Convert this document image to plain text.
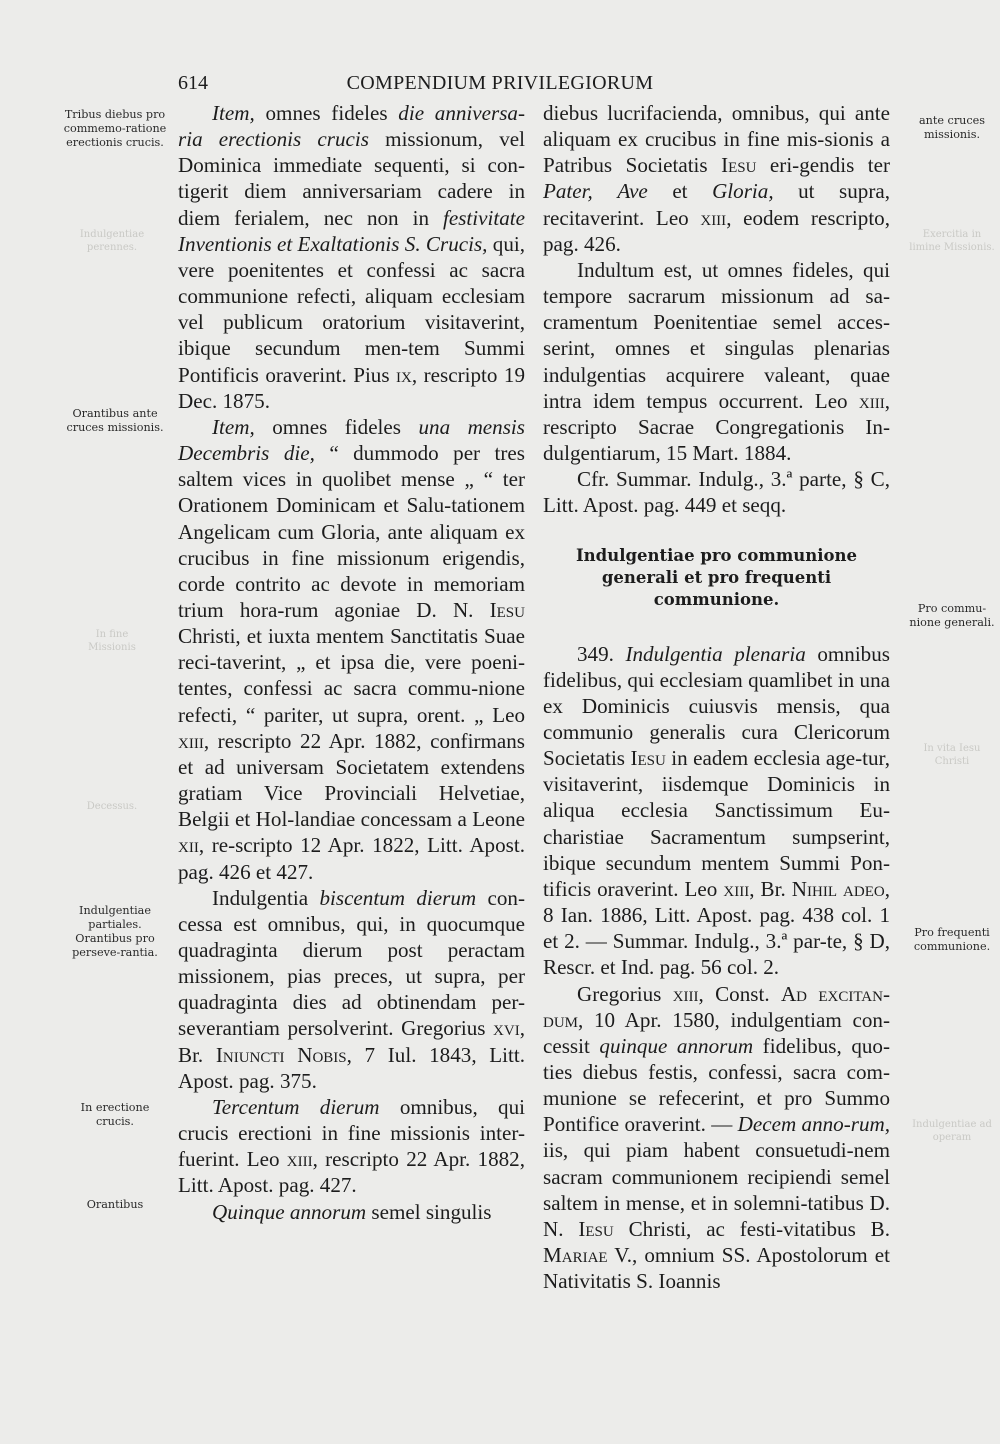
COMPENDIUM PRIVILEGIORUM
614
Indulgentiae perennes.
In fine Missionis
Exercitia in limine Missionis.
In vita Iesu Christi
Decessus.
Indulgentiae ad operam
Tribus diebus pro commemo-ratione erectionis crucis.
Orantibus ante cruces missionis.
Indulgentiae partiales. Orantibus pro perseve-rantia.
In erectione crucis.
Orantibus
ante cruces missionis.
Pro commu-nione generali.
Pro frequenti communione.

Item, omnes fideles die anniversa-ria erectionis crucis missionum, vel Dominica immediate sequenti, si con-tigerit diem anniversariam cadere in diem ferialem, nec non in festivitate Inventionis et Exaltationis S. Crucis, qui, vere poenitentes et confessi ac sacra communione refecti, aliquam ecclesiam vel publicum oratorium visitaverint, ibique secundum men-tem Summi Pontificis oraverint. Pius ix, rescripto 19 Dec. 1875.

Item, omnes fideles una mensis Decembris die, “ dummodo per tres saltem vices in quolibet mense „ “ ter Orationem Dominicam et Salu-tationem Angelicam cum Gloria, ante aliquam ex crucibus in fine missionum erigendis, corde contrito ac devote in memoriam trium hora-rum agoniae D. N. Iesu Christi, et iuxta mentem Sanctitatis Suae reci-taverint, „ et ipsa die, vere poeni-tentes, confessi ac sacra commu-nione refecti, “ pariter, ut supra, orent. „ Leo xiii, rescripto 22 Apr. 1882, confirmans et ad universam Societatem extendens gratiam Vice Provinciali Helvetiae, Belgii et Hol-landiae concessam a Leone xii, re-scripto 12 Apr. 1822, Litt. Apost. pag. 426 et 427.

Indulgentia biscentum dierum con-cessa est omnibus, qui, in quocumque quadraginta dierum post peractam missionem, pias preces, ut supra, per quadraginta dies ad obtinendam per-severantiam persolverint. Gregorius xvi, Br. Iniuncti Nobis, 7 Iul. 1843, Litt. Apost. pag. 375.

Tercentum dierum omnibus, qui crucis erectioni in fine missionis inter-fuerint. Leo xiii, rescripto 22 Apr. 1882, Litt. Apost. pag. 427.

Quinque annorum semel singulis

diebus lucrifacienda, omnibus, qui ante aliquam ex crucibus in fine mis-sionis a Patribus Societatis Iesu eri-gendis ter Pater, Ave et Gloria, ut supra, recitaverint. Leo xiii, eodem rescripto, pag. 426.

Indultum est, ut omnes fideles, qui tempore sacrarum missionum ad sa-cramentum Poenitentiae semel acces-serint, omnes et singulas plenarias indulgentias acquirere valeant, quae intra idem tempus occurrent. Leo xiii, rescripto Sacrae Congregationis In-dulgentiarum, 15 Mart. 1884.

Cfr. Summar. Indulg., 3.ª parte, § C, Litt. Apost. pag. 449 et seqq.

Indulgentiae pro communione generali et pro frequenti communione.

349. Indulgentia plenaria omnibus fidelibus, qui ecclesiam quamlibet in una ex Dominicis cuiusvis mensis, qua communio generalis cura Clericorum Societatis Iesu in eadem ecclesia age-tur, visitaverint, iisdemque Dominicis in aliqua ecclesia Sanctissimum Eu-charistiae Sacramentum sumpserint, ibique secundum mentem Summi Pon-tificis oraverint. Leo xiii, Br. Nihil adeo, 8 Ian. 1886, Litt. Apost. pag. 438 col. 1 et 2. — Summar. Indulg., 3.ª par-te, § D, Rescr. et Ind. pag. 56 col. 2.

Gregorius xiii, Const. Ad excitan-dum, 10 Apr. 1580, indulgentiam con-cessit quinque annorum fidelibus, quo-ties diebus festis, confessi, sacra com-munione se refecerint, et pro Summo Pontifice oraverint. — Decem anno-rum, iis, qui piam habent consuetudi-nem sacram communionem recipiendi semel saltem in mense, et in solemni-tatibus D. N. Iesu Christi, ac festi-vitatibus B. Mariae V., omnium SS. Apostolorum et Nativitatis S. Ioannis
